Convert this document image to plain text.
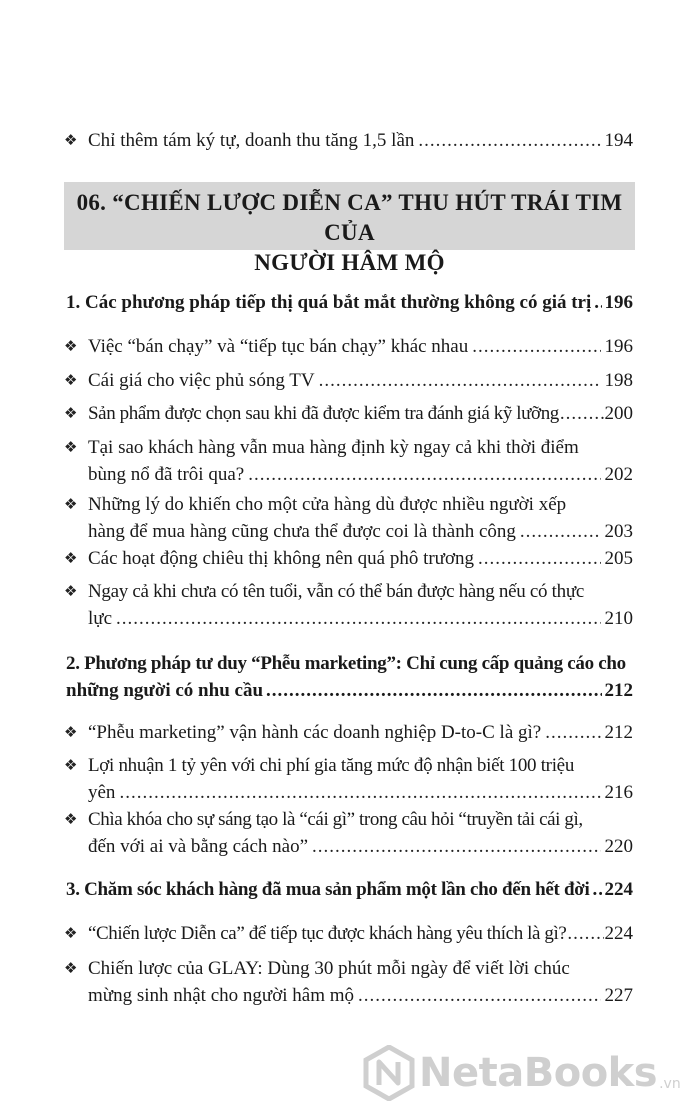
❖ Chỉ thêm tám ký tự, doanh thu tăng 1,5 lần .....	194
06. “CHIẾN LƯỢC DIỄN CA” THU HÚT TRÁI TIM CỦA
NGƯỜI HÂM MỘ
1. Các phương pháp tiếp thị quá bắt mắt thường không có giá trị ..... 196
❖ Việc “bán chạy” và “tiếp tục bán chạy” khác nhau .....	196
❖ Cái giá cho việc phủ sóng TV .....	198
❖ Sản phẩm được chọn sau khi đã được kiểm tra đánh giá kỹ lưỡng ..... 200
❖ Tại sao khách hàng vẫn mua hàng định kỳ ngay cả khi thời điểm
bùng nổ đã trôi qua? .....	202
❖ Những lý do khiến cho một cửa hàng dù được nhiều người xếp
hàng để mua hàng cũng chưa thể được coi là thành công .....	203
❖ Các hoạt động chiêu thị không nên quá phô trương .....	205
❖ Ngay cả khi chưa có tên tuổi, vẫn có thể bán được hàng nếu có thực
lực .....	210
2. Phương pháp tư duy “Phễu marketing”: Chỉ cung cấp quảng cáo cho
những người có nhu cầu .....	212
❖ “Phễu marketing” vận hành các doanh nghiệp D-to-C là gì? .....	212
❖ Lợi nhuận 1 tỷ yên với chi phí gia tăng mức độ nhận biết 100 triệu
yên .....	216
❖ Chìa khóa cho sự sáng tạo là “cái gì” trong câu hỏi “truyền tải cái gì,
đến với ai và bằng cách nào” .....	220
3. Chăm sóc khách hàng đã mua sản phẩm một lần cho đến hết đời ..... 224
❖ “Chiến lược Diễn ca” để tiếp tục được khách hàng yêu thích là gì? ..... 224
❖ Chiến lược của GLAY: Dùng 30 phút mỗi ngày để viết lời chúc
mừng sinh nhật cho người hâm mộ .....	227
NetaBooks .vn
